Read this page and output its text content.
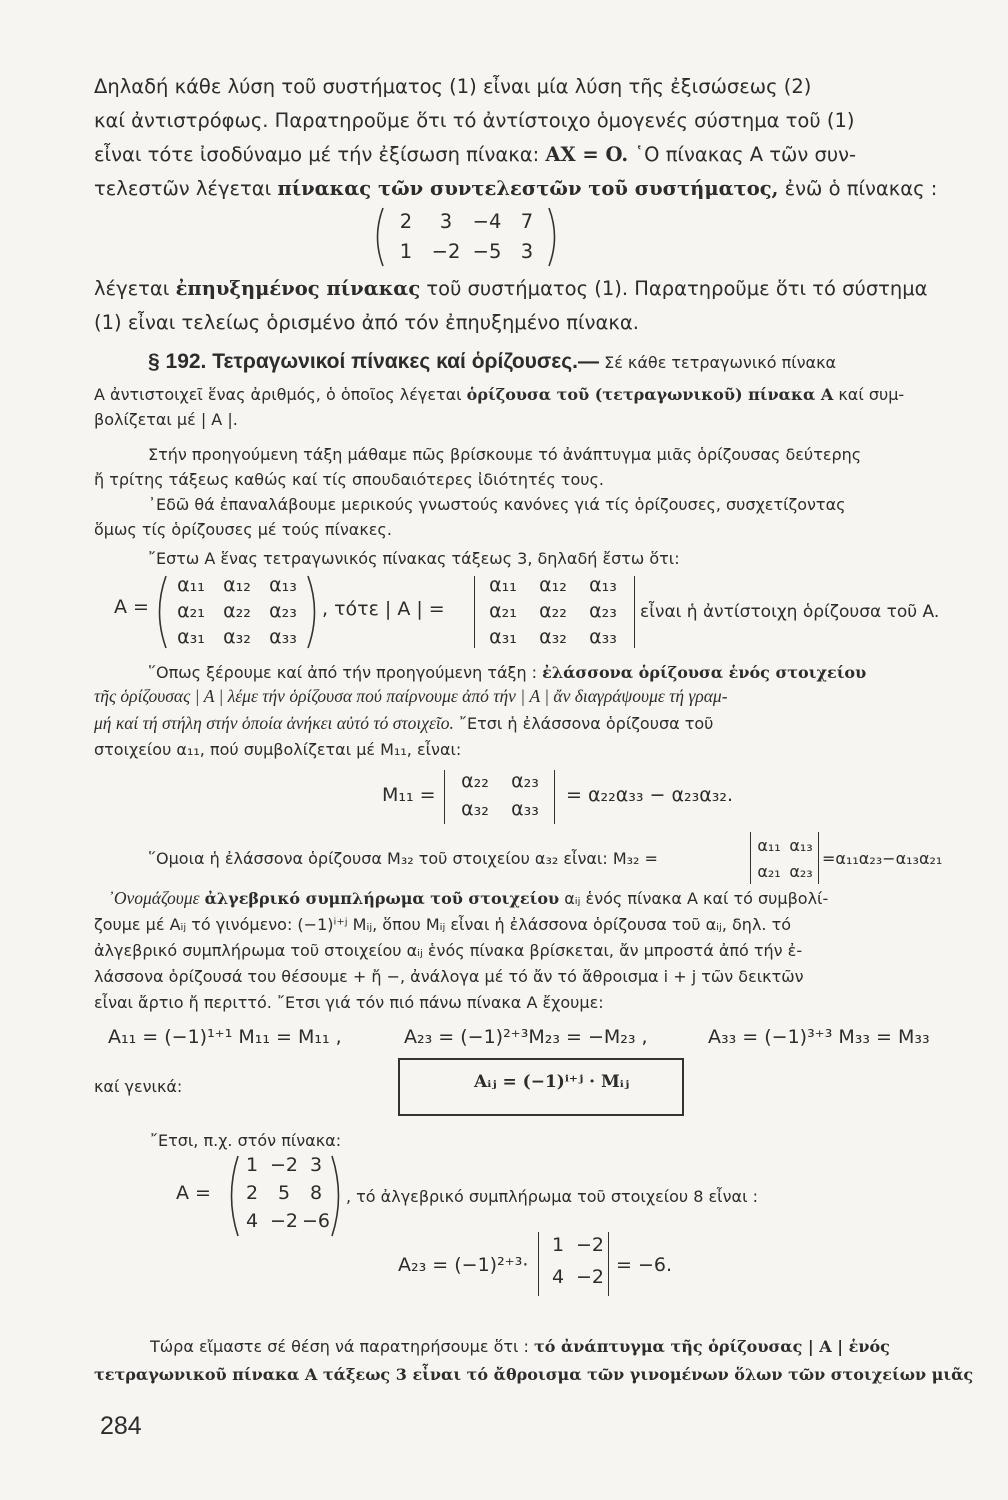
Δηλαδή κάθε λύση τοῦ συστήματος (1) εἶναι μία λύση τῆς ἐξισώσεως (2)
καί ἀντιστρόφως. Παρατηροῦμε ὅτι τό ἀντίστοιχο ὁμογενές σύστημα τοῦ (1)
εἶναι τότε ἰσοδύναμο μέ τήν ἐξίσωση πίνακα: AX = O. ῾Ο πίνακας A τῶν συν-
τελεστῶν λέγεται πίνακας τῶν συντελεστῶν τοῦ συστήματος, ἐνῶ ὁ πίνακας :
2	3	−4 7
1 −2 −5 3
λέγεται ἐπηυξημένος πίνακας τοῦ συστήματος (1). Παρατηροῦμε ὅτι τό σύστημα
(1) εἶναι τελείως ὁρισμένο ἀπό τόν ἐπηυξημένο πίνακα.
§ 192. Τετραγωνικοί πίνακες καί ὁρίζουσες.— Σέ κάθε τετραγωνικό πίνακα
A ἀντιστοιχεῖ ἕνας ἀριθμός, ὁ ὁποῖος λέγεται ὁρίζουσα τοῦ (τετραγωνικοῦ) πίνακα A καί συμ-
βολίζεται μέ | A |.
Στήν προηγούμενη τάξη μάθαμε πῶς βρίσκουμε τό ἀνάπτυγμα μιᾶς ὁρίζουσας δεύτερης
ἤ τρίτης τάξεως καθώς καί τίς σπουδαιότερες ἰδιότητές τους.
᾿Εδῶ θά ἐπαναλάβουμε μερικούς γνωστούς κανόνες γιά τίς ὁρίζουσες, συσχετίζοντας
ὅμως τίς ὁρίζουσες μέ τούς πίνακες.
῎Εστω A ἕνας τετραγωνικός πίνακας τάξεως 3, δηλαδή ἔστω ὅτι:
A =
α₁₁ α₁₂ α₁₃
α₂₁ α₂₂ α₂₃
α₃₁ α₃₂ α₃₃
, τότε | A | =
α₁₁	α₁₂	α₁₃
α₂₁	α₂₂	α₂₃
α₃₁	α₃₂	α₃₃
εἶναι ἡ ἀντίστοιχη ὁρίζουσα τοῦ A.
῞Οπως ξέρουμε καί ἀπό τήν προηγούμενη τάξη : ἐλάσσονα ὁρίζουσα ἑνός στοιχείου
τῆς ὁρίζουσας | A | λέμε τήν ὁρίζουσα πού παίρνουμε ἀπό τήν | A | ἄν διαγράψουμε τή γραμ-
μή καί τή στήλη στήν ὁποία ἀνήκει αὐτό τό στοιχεῖο. ῎Ετσι ἡ ἐλάσσονα ὁρίζουσα τοῦ
στοιχείου α₁₁, πού συμβολίζεται μέ M₁₁, εἶναι:
M₁₁ =
α₂₂	α₂₃
α₃₂	α₃₃
= α₂₂α₃₃ − α₂₃α₃₂.
῞Ομοια ἡ ἐλάσσονα ὁρίζουσα M₃₂ τοῦ στοιχείου α₃₂ εἶναι: M₃₂ =
α₁₁ α₁₃
α₂₁ α₂₃
=α₁₁α₂₃−α₁₃α₂₁
᾿Ονομάζουμε ἀλγεβρικό συμπλήρωμα τοῦ στοιχείου αᵢⱼ ἑνός πίνακα A καί τό συμβολί-
ζουμε μέ Aᵢⱼ τό γινόμενο: (−1)ⁱ⁺ʲ Mᵢⱼ, ὅπου Mᵢⱼ εἶναι ἡ ἐλάσσονα ὁρίζουσα τοῦ αᵢⱼ, δηλ. τό
ἀλγεβρικό συμπλήρωμα τοῦ στοιχείου αᵢⱼ ἑνός πίνακα βρίσκεται, ἄν μπροστά ἀπό τήν ἐ-
λάσσονα ὁρίζουσά του θέσουμε + ἤ −, ἀνάλογα μέ τό ἄν τό ἄθροισμα i + j τῶν δεικτῶν
εἶναι ἄρτιο ἤ περιττό. ῎Ετσι γιά τόν πιό πάνω πίνακα A ἔχουμε:
A₁₁ = (−1)¹⁺¹ M₁₁ = M₁₁ ,	A₂₃ = (−1)²⁺³M₂₃ = −M₂₃ ,	A₃₃ = (−1)³⁺³ M₃₃ = M₃₃
καί γενικά:	Aᵢⱼ = (−1)ⁱ⁺ʲ · Mᵢⱼ
῎Ετσι, π.χ. στόν πίνακα:
A =
1 −2 3
2	5	8
4 −2 −6
, τό ἀλγεβρικό συμπλήρωμα τοῦ στοιχείου 8 εἶναι :
A₂₃ = (−1)²⁺³·
1 −2
4 −2
= −6.
Τώρα εἴμαστε σέ θέση νά παρατηρήσουμε ὅτι : τό ἀνάπτυγμα τῆς ὁρίζουσας | A | ἑνός
τετραγωνικοῦ πίνακα A τάξεως 3 εἶναι τό ἄθροισμα τῶν γινομένων ὅλων τῶν στοιχείων μιᾶς
284
